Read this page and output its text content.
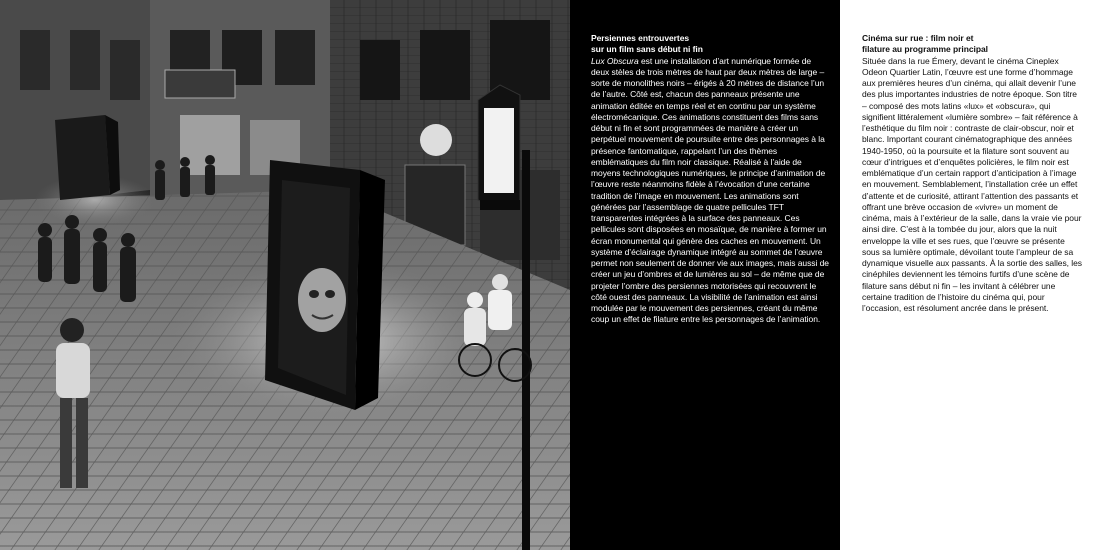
Persiennes entrouvertes
sur un film sans début ni fin

Lux Obscura est une installation d’art numérique formée de deux stèles de trois mètres de haut par deux mètres de large – sorte de monolithes noirs – érigés à 20 mètres de distance l’un de l’autre. Côté est, chacun des panneaux présente une animation éditée en temps réel et en continu par un système électromécanique. Ces animations constituent des films sans début ni fin et sont programmées de manière à créer un perpétuel mouvement de poursuite entre des personnages à la présence fantomatique, rappelant l’un des thèmes emblématiques du film noir classique. Réalisé à l’aide de moyens technologiques numériques, le principe d’animation de l’œuvre reste néanmoins fidèle à l’évocation d’une certaine tradition de l’image en mouvement. Les animations sont générées par l’assemblage de quatre pellicules TFT transparentes intégrées à la surface des panneaux. Ces pellicules sont disposées en mosaïque, de manière à former un écran monumental qui génère des caches en mouvement. Un système d’éclairage dynamique intégré au sommet de l’œuvre permet non seulement de donner vie aux images, mais aussi de créer un jeu d’ombres et de lumières au sol – de même que de projeter l’ombre des persiennes motorisées qui recouvrent le côté ouest des panneaux. La visibilité de l’animation est ainsi modulée par le mouvement des persiennes, créant du même coup un effet de filature entre les personnages de l’animation.

Cinéma sur rue : film noir et
filature au programme principal

Située dans la rue Émery, devant le cinéma Cineplex Odeon Quartier Latin, l’œuvre est une forme d’hommage aux premières heures d’un cinéma, qui allait devenir l’une des plus importantes industries de notre époque. Son titre – composé des mots latins «lux» et «obscura», qui signifient littéralement «lumière sombre» – fait référence à l’esthétique du film noir : contraste de clair-obscur, noir et blanc. Important courant cinématographique des années 1940-1950, où la poursuite et la filature sont souvent au cœur d’intrigues et d’enquêtes policières, le film noir est emblématique d’un certain rapport d’anticipation à l’image en mouvement. Semblablement, l’installation crée un effet d’attente et de curiosité, attirant l’attention des passants et offrant une brève occasion de «vivre» un moment de cinéma, mais à l’extérieur de la salle, dans la vraie vie pour ainsi dire. C’est à la tombée du jour, alors que la nuit enveloppe la ville et ses rues, que l’œuvre se présente sous sa lumière optimale, dévoilant toute l’ampleur de sa dynamique visuelle aux passants. À la sortie des salles, les cinéphiles deviennent les témoins furtifs d’une scène de filature sans début ni fin – les invitant à célébrer une certaine tradition de l’histoire du cinéma qui, pour l’occasion, est résolument ancrée dans le présent.
